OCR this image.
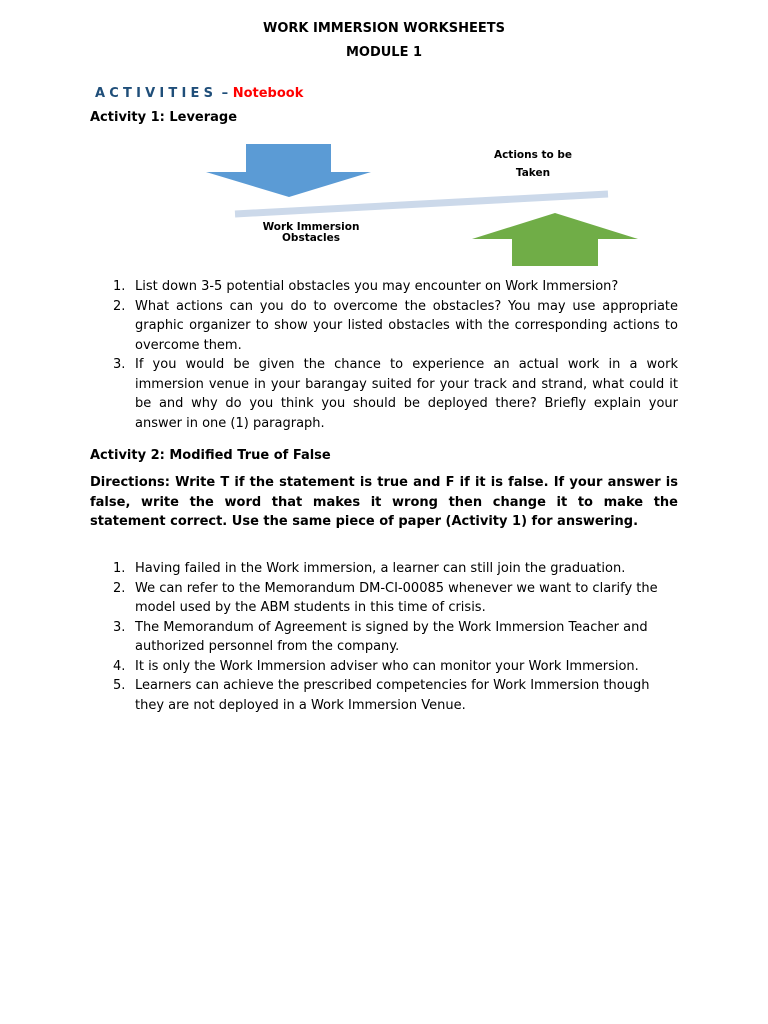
WORK IMMERSION WORKSHEETS
MODULE 1
ACTIVITIES – Notebook
Activity 1: Leverage
Actions to be
Taken
Work Immersion
Obstacles
1. List down 3-5 potential obstacles you may encounter on Work Immersion?
2. What actions can you do to overcome the obstacles? You may use appropriate graphic organizer to show your listed obstacles with the corresponding actions to overcome them.
3. If you would be given the chance to experience an actual work in a work immersion venue in your barangay suited for your track and strand, what could it be and why do you think you should be deployed there? Briefly explain your answer in one (1) paragraph.
Activity 2: Modified True of False
Directions: Write T if the statement is true and F if it is false. If your answer is false, write the word that makes it wrong then change it to make the statement correct. Use the same piece of paper (Activity 1) for answering.
1. Having failed in the Work immersion, a learner can still join the graduation.
2. We can refer to the Memorandum DM-CI-00085 whenever we want to clarify the model used by the ABM students in this time of crisis.
3. The Memorandum of Agreement is signed by the Work Immersion Teacher and       authorized personnel from the company.
4. It is only the Work Immersion adviser who can monitor your Work Immersion.
5. Learners can achieve the prescribed competencies for Work Immersion though they are not deployed in a Work Immersion Venue.
